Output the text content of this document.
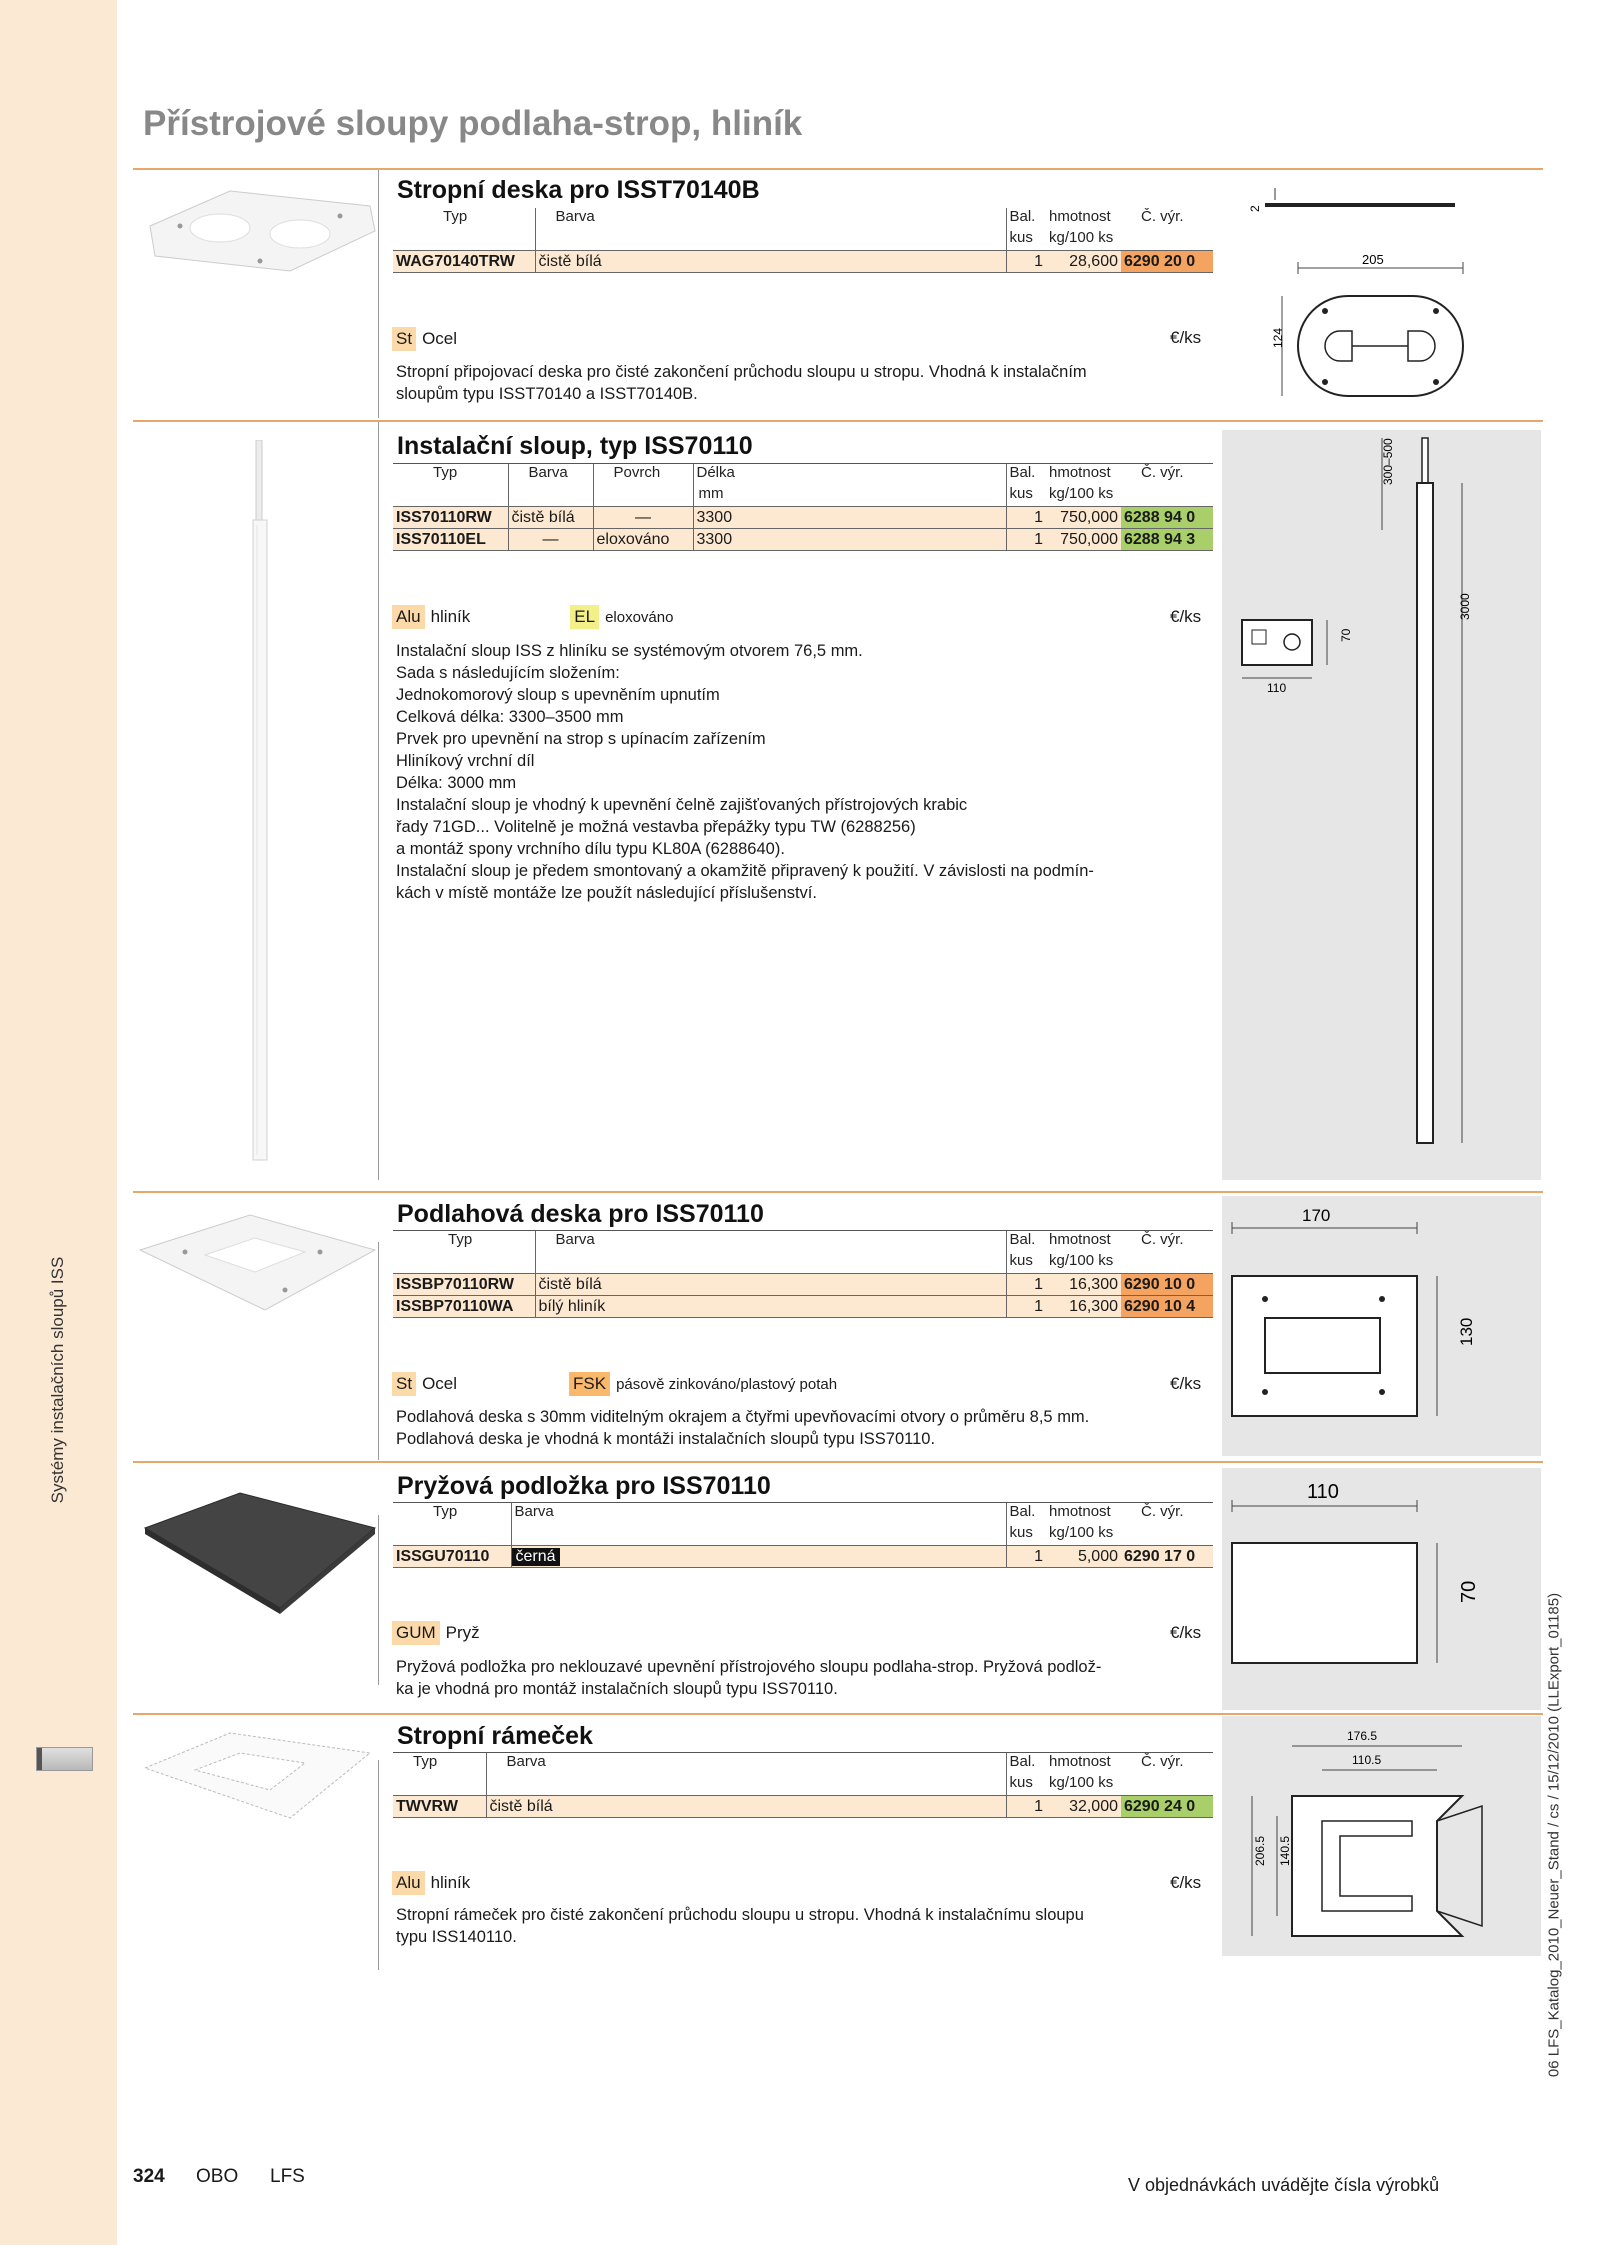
Systémy instalačních sloupů ISS
Přístrojové sloupy podlaha-strop, hliník
Stropní deska pro ISST70140B
Typ	Barva	Bal.	hmotnost	Č. výr.
		kus	kg/100 ks	
WAG70140TRW	čistě bílá	1	28,600	6290 20 0
St Ocel	€/ks
Stropní připojovací deska pro čisté zakončení průchodu sloupu u stropu. Vhodná k instalačním
sloupům typu ISST70140 a ISST70140B.
2
205
124
Instalační sloup, typ ISS70110
Typ	Barva	Povrch	Délka	Bal.	hmotnost	Č. výr.
			mm	kus	kg/100 ks	
ISS70110RW	čistě bílá	—	3300	1	750,000	6288 94 0
ISS70110EL	—	eloxováno	3300	1	750,000	6288 94 3
Alu hliník	EL eloxováno	€/ks
Instalační sloup ISS z hliníku se systémovým otvorem 76,5 mm.
Sada s následujícím složením:
Jednokomorový sloup s upevněním upnutím
Celková délka: 3300–3500 mm
Prvek pro upevnění na strop s upínacím zařízením
Hliníkový vrchní díl
Délka: 3000 mm
Instalační sloup je vhodný k upevnění čelně zajišťovaných přístrojových krabic
řady 71GD... Volitelně je možná vestavba přepážky typu TW (6288256)
a montáž spony vrchního dílu typu KL80A (6288640).
Instalační sloup je předem smontovaný a okamžitě připravený k použití. V závislosti na podmín-
kách v místě montáže lze použít následující příslušenství.
300–500
3000
110
70
Podlahová deska pro ISS70110
Typ	Barva	Bal.	hmotnost	Č. výr.
		kus	kg/100 ks	
ISSBP70110RW	čistě bílá	1	16,300	6290 10 0
ISSBP70110WA	bílý hliník	1	16,300	6290 10 4
St Ocel	FSK pásově zinkováno/plastový potah	€/ks
Podlahová deska s 30mm viditelným okrajem a čtyřmi upevňovacími otvory o průměru 8,5 mm.
Podlahová deska je vhodná k montáži instalačních sloupů typu ISS70110.
170
130
Pryžová podložka pro ISS70110
Typ	Barva	Bal.	hmotnost	Č. výr.
		kus	kg/100 ks	
ISSGU70110	černá	1	5,000	6290 17 0
GUM Pryž	€/ks
Pryžová podložka pro neklouzavé upevnění přístrojového sloupu podlaha-strop. Pryžová podlož-
ka je vhodná pro montáž instalačních sloupů typu ISS70110.
110
70
Stropní rámeček
Typ	Barva	Bal.	hmotnost	Č. výr.
		kus	kg/100 ks	
TWVRW	čistě bílá	1	32,000	6290 24 0
Alu hliník	€/ks
Stropní rámeček pro čisté zakončení průchodu sloupu u stropu. Vhodná k instalačnímu sloupu
typu ISS140110.
176.5
110.5
206.5 140.5
324 OBO LFS	V objednávkách uvádějte čísla výrobků
06 LFS_Katalog_2010_Neuer_Stand / cs / 15/12/2010 (LLExport_01185)
